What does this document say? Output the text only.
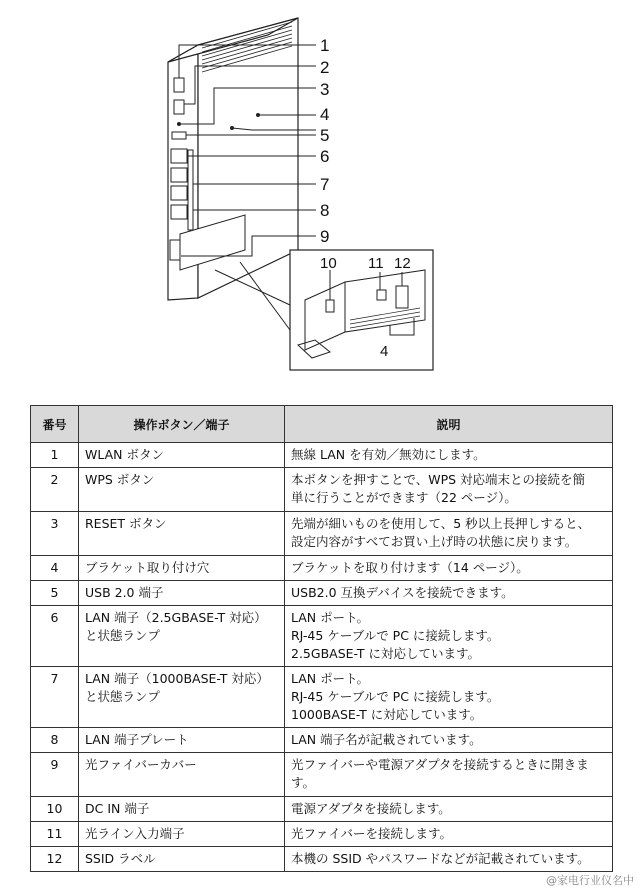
1
2
3
4
5
6
7
8
9
10 11 12
4
番号	操作ボタン／端子	説明
1	WLAN ボタン	無線 LAN を有効／無効にします。
2	WPS ボタン	本ボタンを押すことで、WPS 対応端末との接続を簡
単に行うことができます（22 ページ）。
3	RESET ボタン	先端が細いものを使用して、5 秒以上長押しすると、
設定内容がすべてお買い上げ時の状態に戻ります。
4	ブラケット取り付け穴	ブラケットを取り付けます（14 ページ）。
5	USB 2.0 端子	USB2.0 互換デバイスを接続できます。
6	LAN 端子（2.5GBASE-T 対応）
と状態ランプ	LAN ポート。
RJ-45 ケーブルで PC に接続します。
2.5GBASE-T に対応しています。
7	LAN 端子（1000BASE-T 対応）
と状態ランプ	LAN ポート。
RJ-45 ケーブルで PC に接続します。
1000BASE-T に対応しています。
8	LAN 端子プレート	LAN 端子名が記載されています。
9	光ファイバーカバー	光ファイバーや電源アダプタを接続するときに開きま
す。
10	DC IN 端子	電源アダプタを接続します。
11	光ライン入力端子	光ファイバーを接続します。
12	SSID ラベル	本機の SSID やパスワードなどが記載されています。
@家电行业仪名中
